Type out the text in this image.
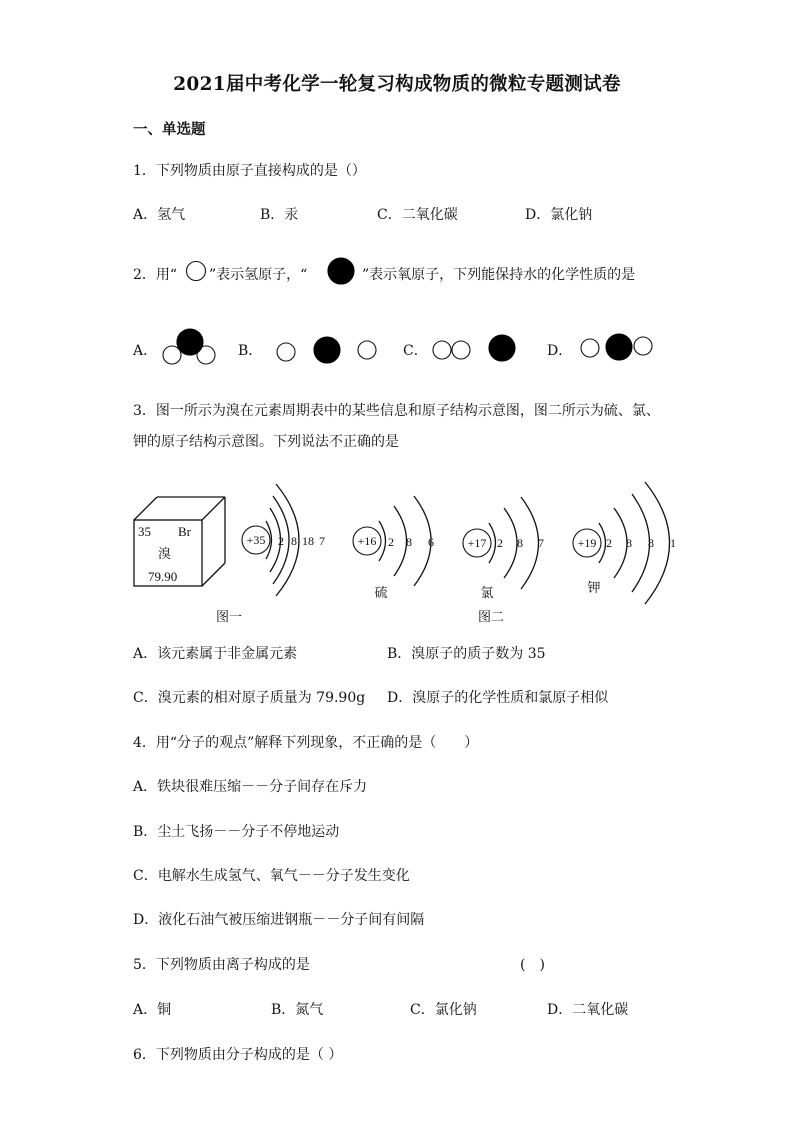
2021届中考化学一轮复习构成物质的微粒专题测试卷
一、单选题
1．下列物质由原子直接构成的是（）
A．氢气	B．汞	C．二氧化碳	D．氯化钠
2．用“ ”表示氢原子，“	”表示氧原子，下列能保持水的化学性质的是
A．	B．	C．	D．
35 Br
溴
79.90
+35 2 8 18 7	+16 2 8 6
硫
+17 2 8 7
氯
+19 2 8 8 1
钾
图一	图二
3．图一所示为溴在元素周期表中的某些信息和原子结构示意图，图二所示为硫、氯、
钾的原子结构示意图。下列说法不正确的是
A．该元素属于非金属元素	B．溴原子的质子数为 35
C．溴元素的相对原子质量为 79.90g D．溴原子的化学性质和氯原子相似
4．用“分子的观点”解释下列现象，不正确的是（　　）
A．铁块很难压缩－－分子间存在斥力
B．尘土飞扬－－分子不停地运动
C．电解水生成氢气、氧气－－分子发生变化
D．液化石油气被压缩进钢瓶－－分子间有间隔
5．下列物质由离子构成的是	(　)
A．铜	B．氮气	C．氯化钠	D．二氧化碳
6．下列物质由分子构成的是（ ）
